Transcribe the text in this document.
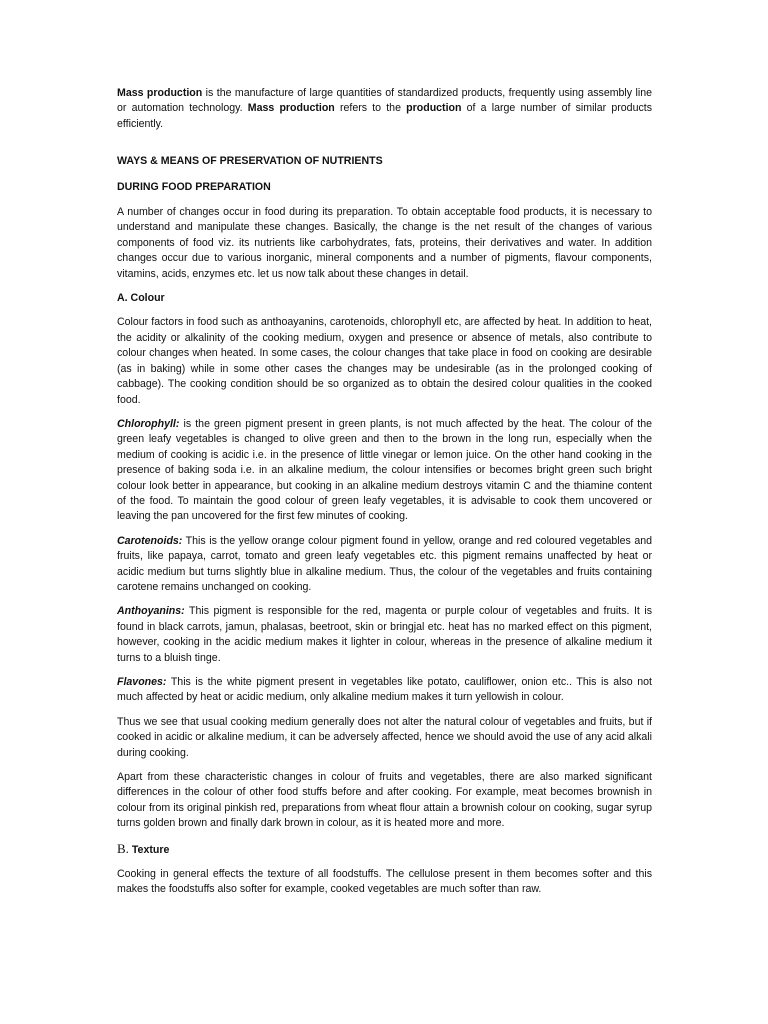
Mass production is the manufacture of large quantities of standardized products, frequently using assembly line or automation technology. Mass production refers to the production of a large number of similar products efficiently.

WAYS & MEANS OF PRESERVATION OF NUTRIENTS
DURING FOOD PREPARATION

A number of changes occur in food during its preparation. To obtain acceptable food products, it is necessary to understand and manipulate these changes. Basically, the change is the net result of the changes of various components of food viz. its nutrients like carbohydrates, fats, proteins, their derivatives and water. In addition changes occur due to various inorganic, mineral components and a number of pigments, flavour components, vitamins, acids, enzymes etc. let us now talk about these changes in detail.

A. Colour

Colour factors in food such as anthoayanins, carotenoids, chlorophyll etc, are affected by heat. In addition to heat, the acidity or alkalinity of the cooking medium, oxygen and presence or absence of metals, also contribute to colour changes when heated. In some cases, the colour changes that take place in food on cooking are desirable (as in baking) while in some other cases the changes may be undesirable (as in the prolonged cooking of cabbage). The cooking condition should be so organized as to obtain the desired colour qualities in the cooked food.

Chlorophyll: is the green pigment present in green plants, is not much affected by the heat. The colour of the green leafy vegetables is changed to olive green and then to the brown in the long run, especially when the medium of cooking is acidic i.e. in the presence of little vinegar or lemon juice. On the other hand cooking in the presence of baking soda i.e. in an alkaline medium, the colour intensifies or becomes bright green such bright colour look better in appearance, but cooking in an alkaline medium destroys vitamin C and the thiamine content of the food. To maintain the good colour of green leafy vegetables, it is advisable to cook them uncovered or leaving the pan uncovered for the first few minutes of cooking.

Carotenoids: This is the yellow orange colour pigment found in yellow, orange and red coloured vegetables and fruits, like papaya, carrot, tomato and green leafy vegetables etc. this pigment remains unaffected by heat or acidic medium but turns slightly blue in alkaline medium. Thus, the colour of the vegetables and fruits containing carotene remains unchanged on cooking.

Anthoyanins: This pigment is responsible for the red, magenta or purple colour of vegetables and fruits. It is found in black carrots, jamun, phalasas, beetroot, skin or bringjal etc. heat has no marked effect on this pigment, however, cooking in the acidic medium makes it lighter in colour, whereas in the presence of alkaline medium it turns to a bluish tinge.

Flavones: This is the white pigment present in vegetables like potato, cauliflower, onion etc.. This is also not much affected by heat or acidic medium, only alkaline medium makes it turn yellowish in colour.

Thus we see that usual cooking medium generally does not alter the natural colour of vegetables and fruits, but if cooked in acidic or alkaline medium, it can be adversely affected, hence we should avoid the use of any acid alkali during cooking.

Apart from these characteristic changes in colour of fruits and vegetables, there are also marked significant differences in the colour of other food stuffs before and after cooking. For example, meat becomes brownish in colour from its original pinkish red, preparations from wheat flour attain a brownish colour on cooking, sugar syrup turns golden brown and finally dark brown in colour, as it is heated more and more.

B. Texture

Cooking in general effects the texture of all foodstuffs. The cellulose present in them becomes softer and this makes the foodstuffs also softer for example, cooked vegetables are much softer than raw.
